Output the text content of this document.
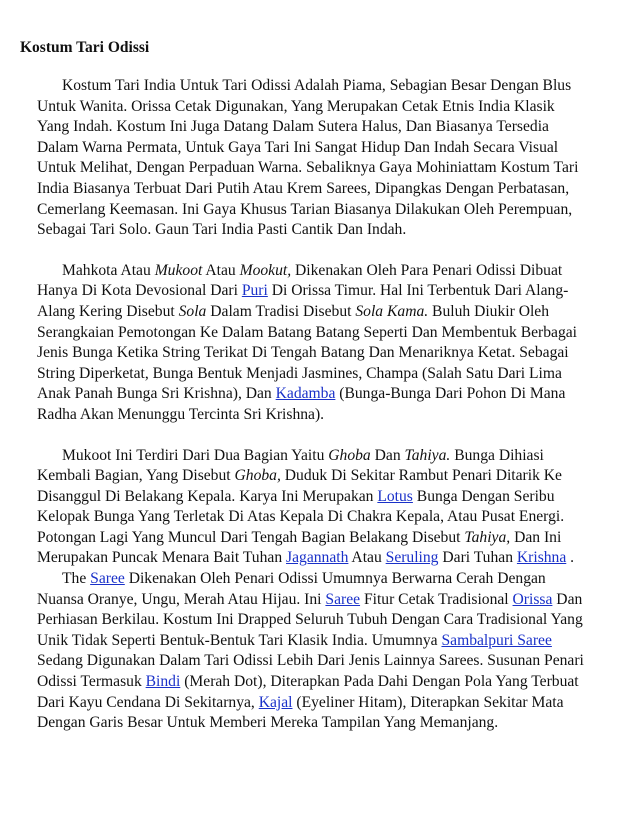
Kostum Tari Odissi
Kostum Tari India Untuk Tari Odissi Adalah Piama, Sebagian Besar Dengan Blus
Untuk Wanita. Orissa Cetak Digunakan, Yang Merupakan Cetak Etnis India Klasik
Yang Indah. Kostum Ini Juga Datang Dalam Sutera Halus, Dan Biasanya Tersedia
Dalam Warna Permata, Untuk Gaya Tari Ini Sangat Hidup Dan Indah Secara Visual
Untuk Melihat, Dengan Perpaduan Warna. Sebaliknya Gaya Mohiniattam Kostum Tari
India Biasanya Terbuat Dari Putih Atau Krem Sarees, Dipangkas Dengan Perbatasan,
Cemerlang Keemasan. Ini Gaya Khusus Tarian Biasanya Dilakukan Oleh Perempuan,
Sebagai Tari Solo. Gaun Tari India Pasti Cantik Dan Indah.
Mahkota Atau Mukoot Atau Mookut, Dikenakan Oleh Para Penari Odissi Dibuat
Hanya Di Kota Devosional Dari Puri Di Orissa Timur. Hal Ini Terbentuk Dari Alang-
Alang Kering Disebut Sola Dalam Tradisi Disebut Sola Kama. Buluh Diukir Oleh
Serangkaian Pemotongan Ke Dalam Batang Batang Seperti Dan Membentuk Berbagai
Jenis Bunga Ketika String Terikat Di Tengah Batang Dan Menariknya Ketat. Sebagai
String Diperketat, Bunga Bentuk Menjadi Jasmines, Champa (Salah Satu Dari Lima
Anak Panah Bunga Sri Krishna), Dan Kadamba (Bunga-Bunga Dari Pohon Di Mana
Radha Akan Menunggu Tercinta Sri Krishna).
Mukoot Ini Terdiri Dari Dua Bagian Yaitu Ghoba Dan Tahiya. Bunga Dihiasi
Kembali Bagian, Yang Disebut Ghoba, Duduk Di Sekitar Rambut Penari Ditarik Ke
Disanggul Di Belakang Kepala. Karya Ini Merupakan Lotus Bunga Dengan Seribu
Kelopak Bunga Yang Terletak Di Atas Kepala Di Chakra Kepala, Atau Pusat Energi.
Potongan Lagi Yang Muncul Dari Tengah Bagian Belakang Disebut Tahiya, Dan Ini
Merupakan Puncak Menara Bait Tuhan Jagannath Atau Seruling Dari Tuhan Krishna .
The Saree Dikenakan Oleh Penari Odissi Umumnya Berwarna Cerah Dengan
Nuansa Oranye, Ungu, Merah Atau Hijau. Ini Saree Fitur Cetak Tradisional Orissa Dan
Perhiasan Berkilau. Kostum Ini Drapped Seluruh Tubuh Dengan Cara Tradisional Yang
Unik Tidak Seperti Bentuk-Bentuk Tari Klasik India. Umumnya Sambalpuri Saree
Sedang Digunakan Dalam Tari Odissi Lebih Dari Jenis Lainnya Sarees. Susunan Penari
Odissi Termasuk Bindi (Merah Dot), Diterapkan Pada Dahi Dengan Pola Yang Terbuat
Dari Kayu Cendana Di Sekitarnya, Kajal (Eyeliner Hitam), Diterapkan Sekitar Mata
Dengan Garis Besar Untuk Memberi Mereka Tampilan Yang Memanjang.
